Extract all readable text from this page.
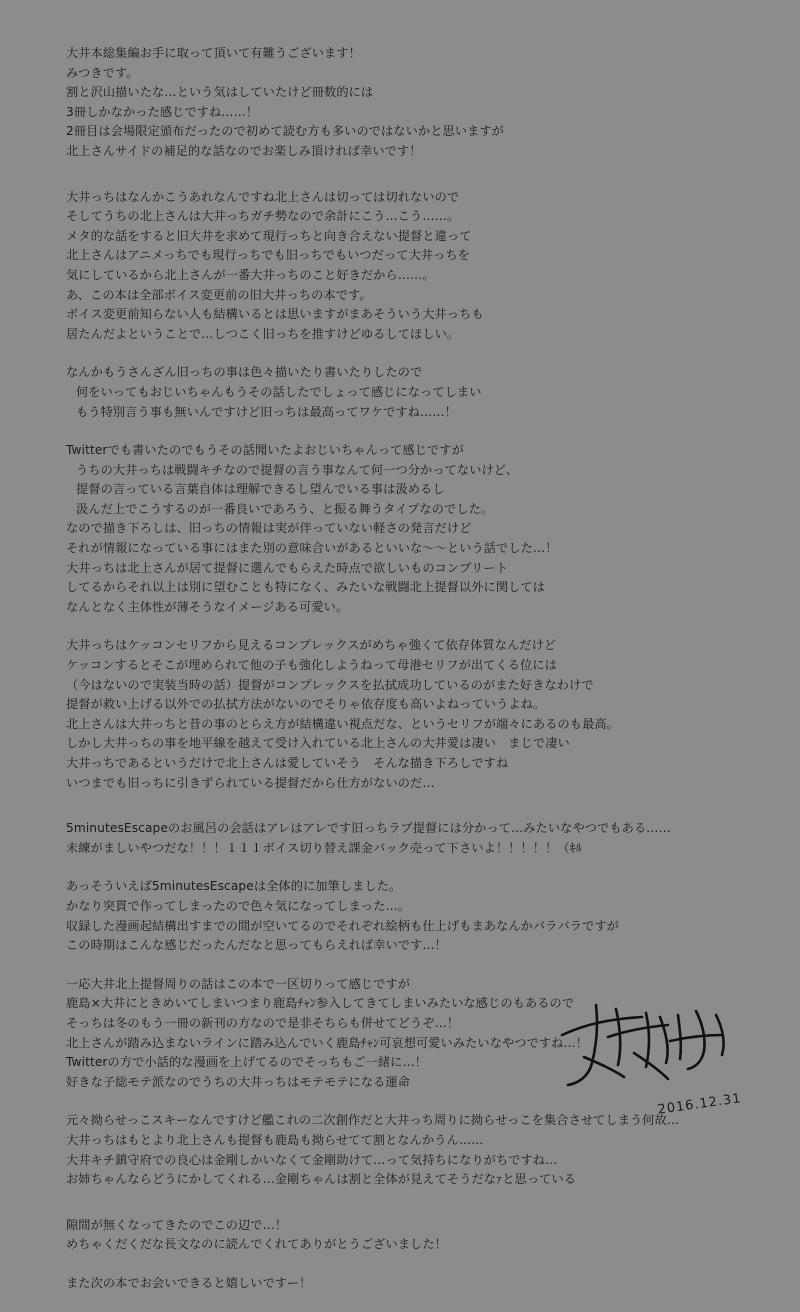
大井本総集編お手に取って頂いて有難うございます！
みつきです。
割と沢山描いたな…という気はしていたけど冊数的には
3冊しかなかった感じですね……！
2冊目は会場限定頒布だったので初めて読む方も多いのではないかと思いますが
北上さんサイドの補足的な話なのでお楽しみ頂ければ幸いです！
大井っちはなんかこうあれなんですね北上さんは切っては切れないので
そしてうちの北上さんは大井っちガチ勢なので余計にこう…こう……。
メタ的な話をすると旧大井を求めて現行っちと向き合えない提督と違って
北上さんはアニメっちでも現行っちでも旧っちでもいつだって大井っちを
気にしているから北上さんが一番大井っちのこと好きだから……。
あ、この本は全部ボイス変更前の旧大井っちの本です。
ボイス変更前知らない人も結構いるとは思いますがまあそういう大井っちも
居たんだよということで…しつこく旧っちを推すけどゆるしてほしい。
なんかもうさんざん旧っちの事は色々描いたり書いたりしたので
何をいってもおじいちゃんもうその話したでしょって感じになってしまい
もう特別言う事も無いんですけど旧っちは最高ってワケですね……！
Twitterでも書いたのでもうその話聞いたよおじいちゃんって感じですが
うちの大井っちは戦闘キチなので提督の言う事なんて何一つ分かってないけど、
提督の言っている言葉自体は理解できるし望んでいる事は汲めるし
汲んだ上でこうするのが一番良いであろう、と振る舞うタイプなのでした。
なので描き下ろしは、旧っちの情報は実が伴っていない軽さの発言だけど
それが情報になっている事にはまた別の意味合いがあるといいな～～という話でした…！
大井っちは北上さんが居て提督に選んでもらえた時点で欲しいものコンプリート
してるからそれ以上は別に望むことも特になく、みたいな戦闘北上提督以外に関しては
なんとなく主体性が薄そうなイメージある可愛い。
大井っちはケッコンセリフから見えるコンプレックスがめちゃ強くて依存体質なんだけど
ケッコンするとそこが埋められて他の子も強化しようねって母港セリフが出てくる位には
（今はないので実装当時の話）提督がコンプレックスを払拭成功しているのがまた好きなわけで
提督が救い上げる以外での払拭方法がないのでそりゃ依存度も高いよねっていうよね。
北上さんは大井っちと昔の事のとらえ方が結構違い視点だな、というセリフが端々にあるのも最高。
しかし大井っちの事を地平線を越えて受け入れている北上さんの大井愛は凄い　まじで凄い
大井っちであるというだけで北上さんは愛していそう　そんな描き下ろしですね
いつまでも旧っちに引きずられている提督だから仕方がないのだ…
5minutesEscapeのお風呂の会話はアレはアレです旧っちラブ提督には分かって…みたいなやつでもある……
未練がましいやつだな！！！１１１ボイス切り替え課金バック売って下さいよ！！！！！（ｷﾙ
あっそういえば5minutesEscapeは全体的に加筆しました。
かなり突貫で作ってしまったので色々気になってしまった…。
収録した漫画起結構出すまでの間が空いてるのでそれぞれ絵柄も仕上げもまあなんかバラバラですが
この時期はこんな感じだったんだなと思ってもらえれば幸いです…！
一応大井北上提督周りの話はこの本で一区切りって感じですが
鹿島×大井にときめいてしまいつまり鹿島ﾁｬﾝ参入してきてしまいみたいな感じのもあるので
そっちは冬のもう一冊の新刊の方なので是非そちらも併せてどうぞ…！
北上さんが踏み込まないラインに踏み込んでいく鹿島ﾁｬﾝ可哀想可愛いみたいなやつですね…！
Twitterの方で小話的な漫画を上げてるのでそっちもご一緒に…！
好きな子総モテ派なのでうちの大井っちはモテモテになる運命
元々拗らせっこスキーなんですけど艦これの二次創作だと大井っち周りに拗らせっこを集合させてしまう何故…
大井っちはもとより北上さんも提督も鹿島も拗らせてて割となんかうん……
大井キチ鎮守府での良心は金剛しかいなくて金剛助けて…って気持ちになりがちですね…
お姉ちゃんならどうにかしてくれる…金剛ちゃんは割と全体が見えてそうだなｧと思っている
隙間が無くなってきたのでこの辺で…！
めちゃくだくだな長文なのに読んでくれてありがとうございました！
また次の本でお会いできると嬉しいですー！
2016.12.31
